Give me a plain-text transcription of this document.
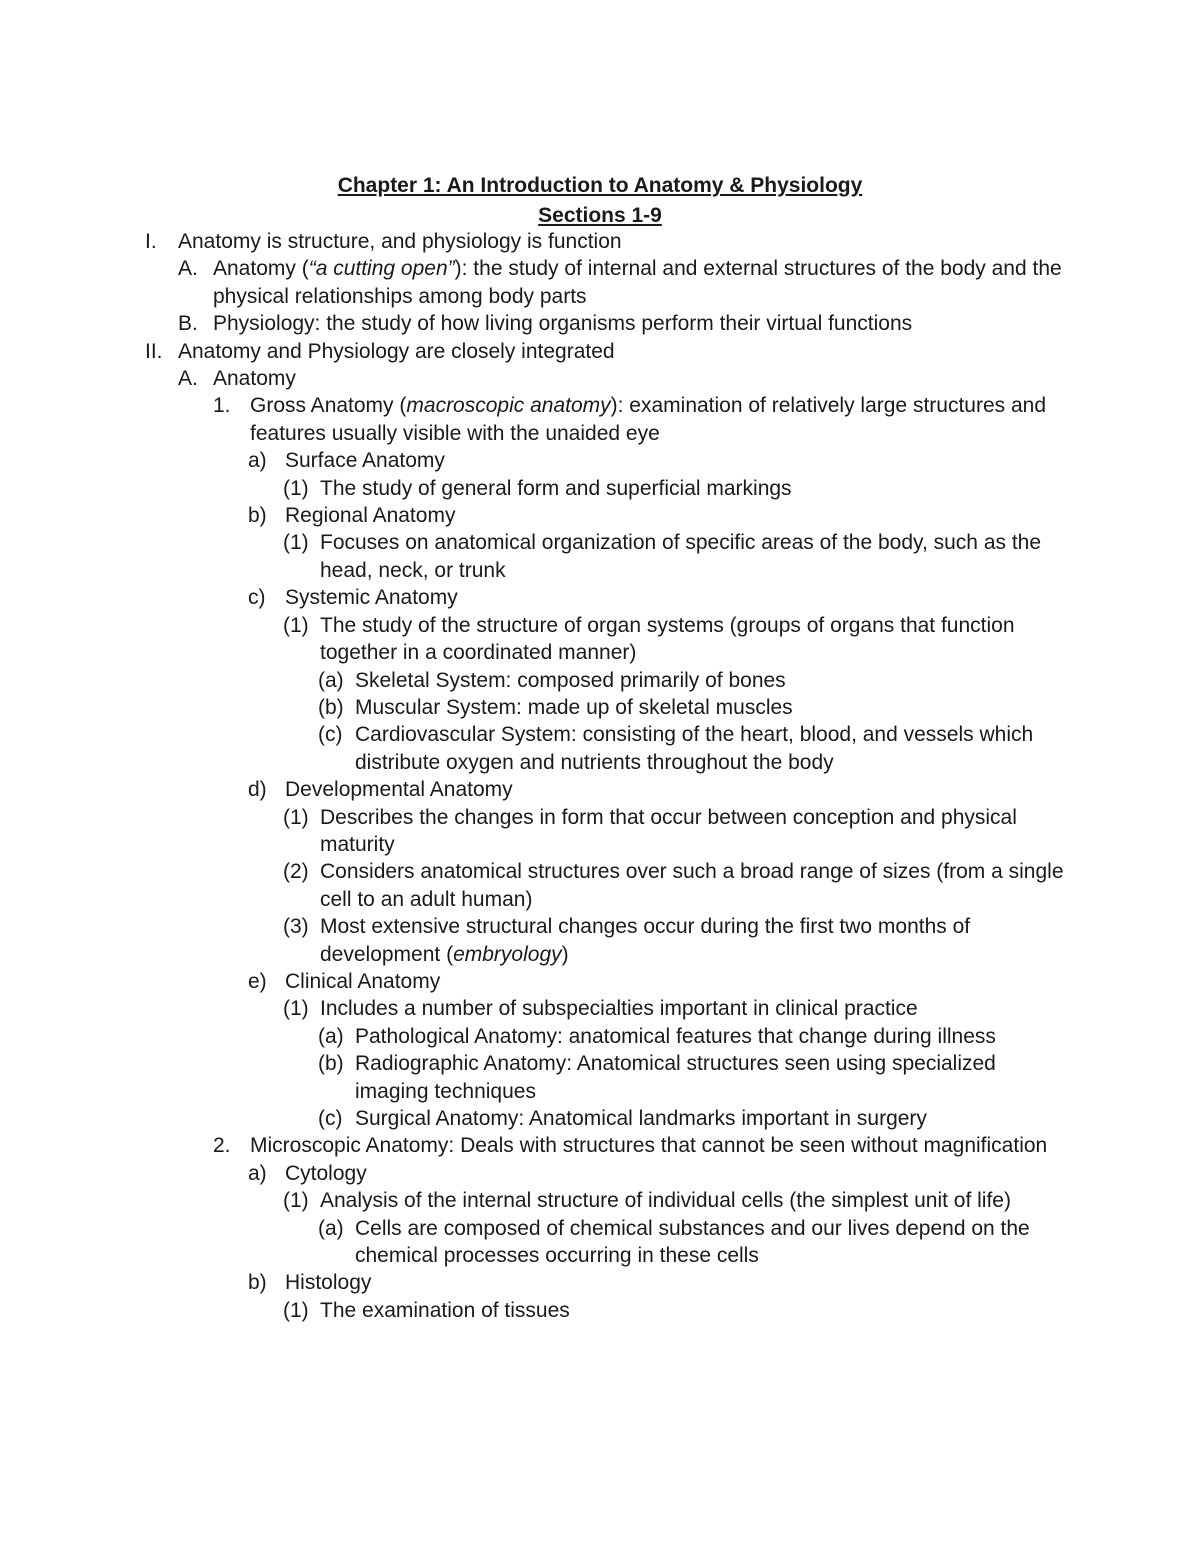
Chapter 1: An Introduction to Anatomy & Physiology
Sections 1-9
I. Anatomy is structure, and physiology is function
A. Anatomy (“a cutting open”): the study of internal and external structures of the body and the physical relationships among body parts
B. Physiology: the study of how living organisms perform their virtual functions
II. Anatomy and Physiology are closely integrated
A. Anatomy
1. Gross Anatomy (macroscopic anatomy): examination of relatively large structures and features usually visible with the unaided eye
a) Surface Anatomy
(1) The study of general form and superficial markings
b) Regional Anatomy
(1) Focuses on anatomical organization of specific areas of the body, such as the head, neck, or trunk
c) Systemic Anatomy
(1) The study of the structure of organ systems (groups of organs that function together in a coordinated manner)
(a) Skeletal System: composed primarily of bones
(b) Muscular System: made up of skeletal muscles
(c) Cardiovascular System: consisting of the heart, blood, and vessels which distribute oxygen and nutrients throughout the body
d) Developmental Anatomy
(1) Describes the changes in form that occur between conception and physical maturity
(2) Considers anatomical structures over such a broad range of sizes (from a single cell to an adult human)
(3) Most extensive structural changes occur during the first two months of development (embryology)
e) Clinical Anatomy
(1) Includes a number of subspecialties important in clinical practice
(a) Pathological Anatomy: anatomical features that change during illness
(b) Radiographic Anatomy: Anatomical structures seen using specialized imaging techniques
(c) Surgical Anatomy: Anatomical landmarks important in surgery
2. Microscopic Anatomy: Deals with structures that cannot be seen without magnification
a) Cytology
(1) Analysis of the internal structure of individual cells (the simplest unit of life)
(a) Cells are composed of chemical substances and our lives depend on the chemical processes occurring in these cells
b) Histology
(1) The examination of tissues
